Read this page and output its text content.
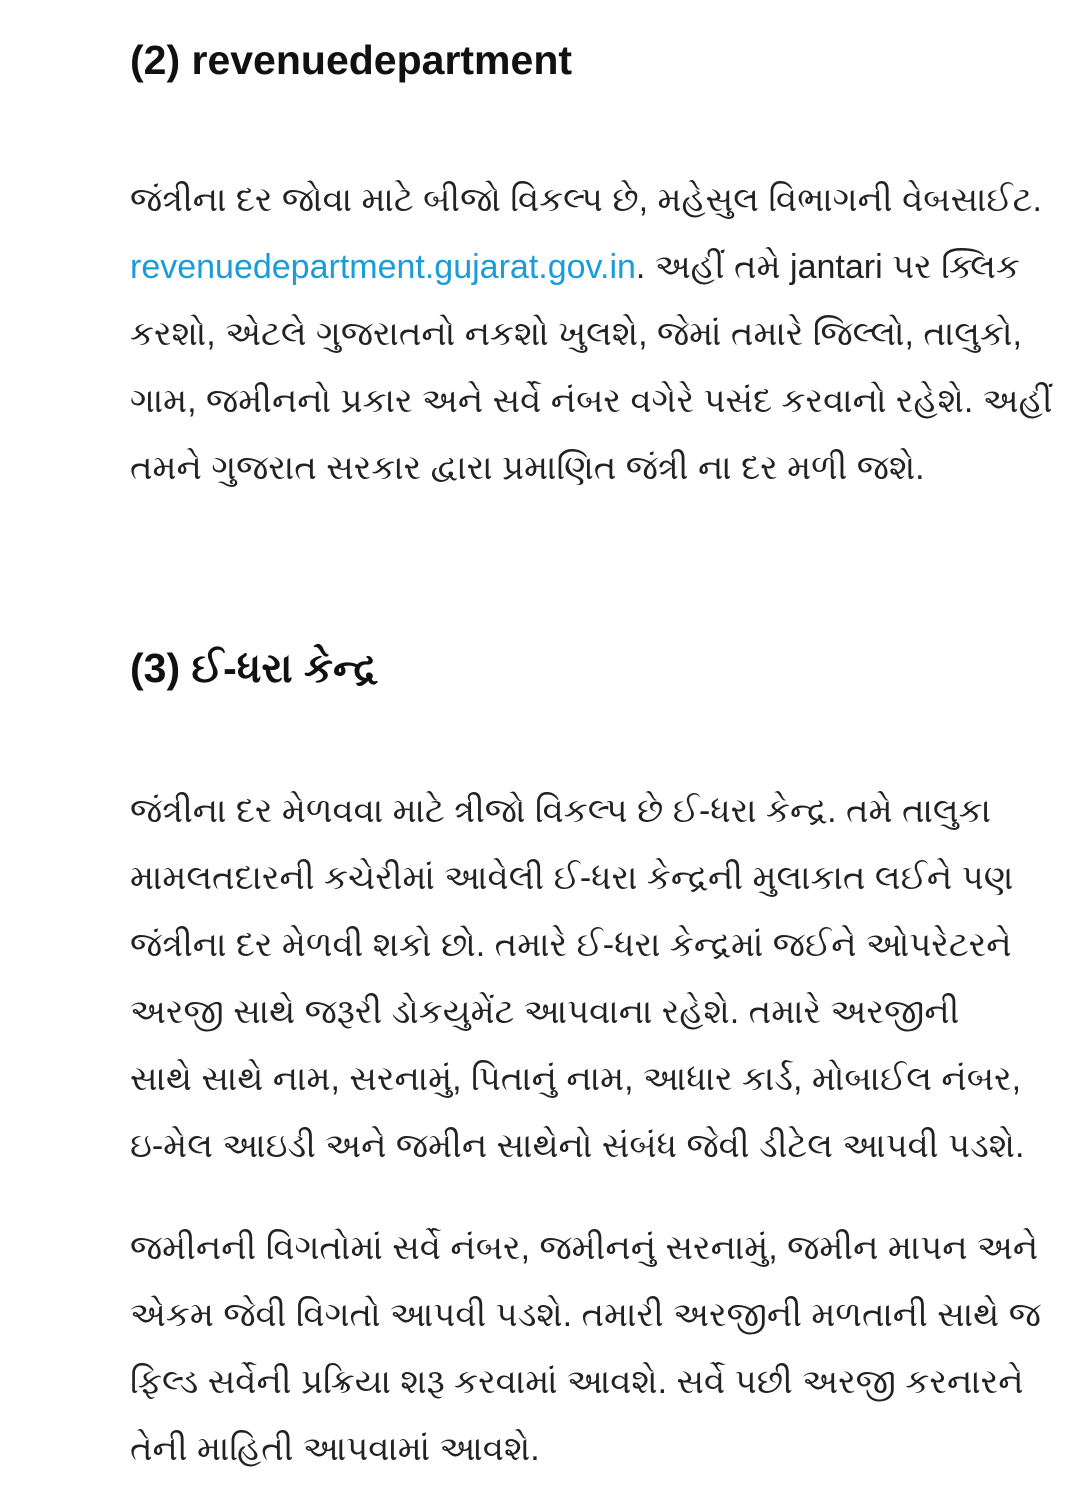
(2) revenuedepartment

જંત્રીના દર જોવા માટે બીજો વિકલ્પ છે, મહેસુલ વિભાગની વેબસાઈટ. revenuedepartment.gujarat.gov.in. અહીં તમે jantari પર ક્લિક કરશો, એટલે ગુજરાતનો નકશો ખુલશે, જેમાં તમારે જિલ્લો, તાલુકો, ગામ, જમીનનો પ્રકાર અને સર્વે નંબર વગેરે પસંદ કરવાનો રહેશે. અહીં તમને ગુજરાત સરકાર દ્વારા પ્રમાણિત જંત્રી ના દર મળી જશે.

(3) ઈ-ધરા કેન્દ્ર

જંત્રીના દર મેળવવા માટે ત્રીજો વિકલ્પ છે ઈ-ધરા કેન્દ્ર. તમે તાલુકા મામલતદારની કચેરીમાં આવેલી ઈ-ધરા કેન્દ્રની મુલાકાત લઈને પણ જંત્રીના દર મેળવી શકો છો. તમારે ઈ-ધરા કેન્દ્રમાં જઈને ઓપરેટરને અરજી સાથે જરૂરી ડોકયુમેંટ આપવાના રહેશે. તમારે અરજીની સાથે સાથે નામ, સરનામું, પિતાનું નામ, આધાર કાર્ડ, મોબાઈલ નંબર, ઇ-મેલ આઇડી અને જમીન સાથેનો સંબંધ જેવી ડીટેલ આપવી પડશે.

જમીનની વિગતોમાં સર્વે નંબર, જમીનનું સરનામું, જમીન માપન અને એકમ જેવી વિગતો આપવી પડશે. તમારી અરજીની મળતાની સાથે જ ફિલ્ડ સર્વેની પ્રક્રિયા શરૂ કરવામાં આવશે. સર્વે પછી અરજી કરનારને તેની માહિતી આપવામાં આવશે.
